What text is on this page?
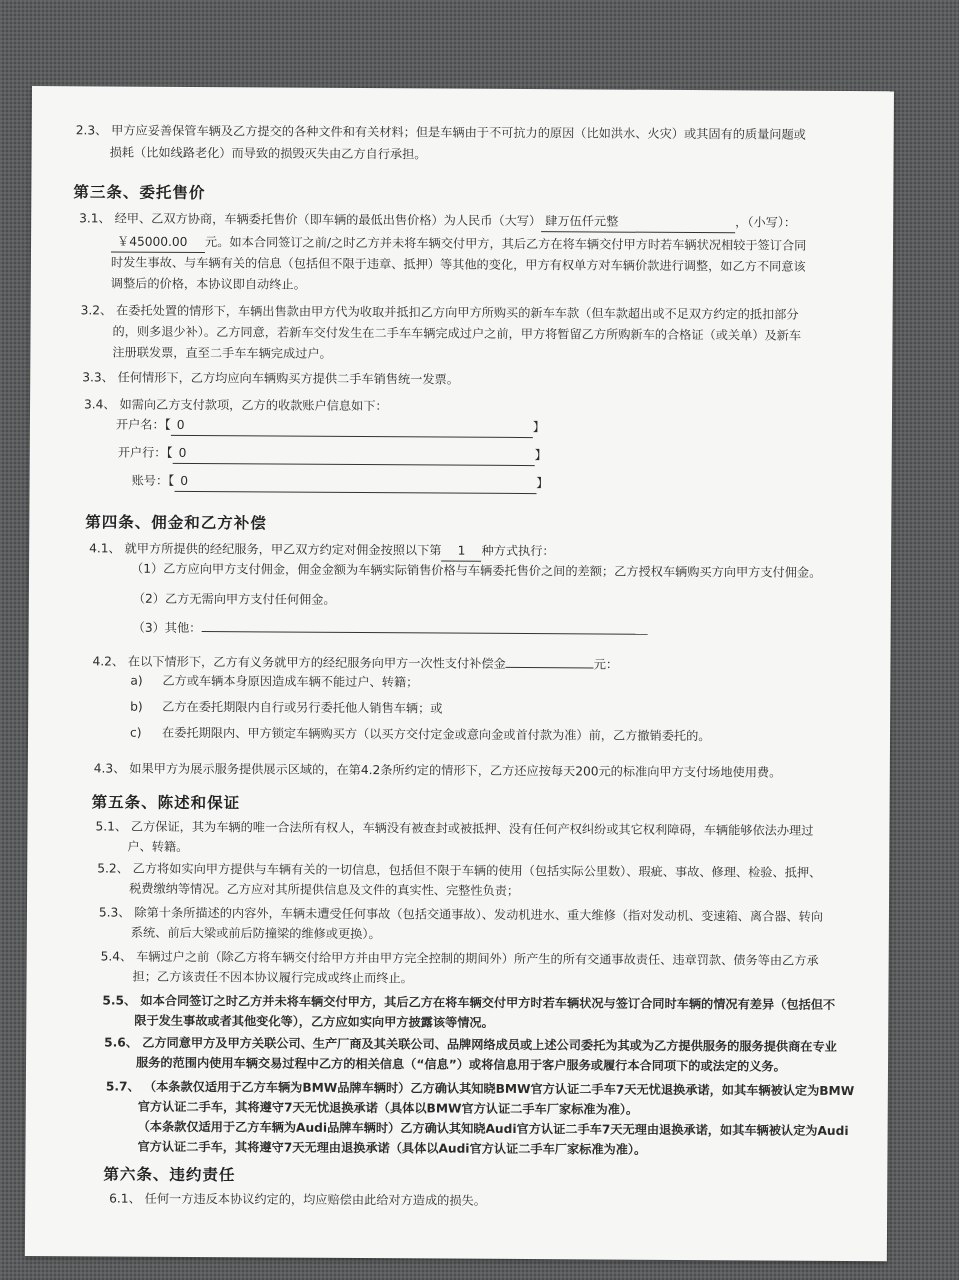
2.3、 甲方应妥善保管车辆及乙方提交的各种文件和有关材料；但是车辆由于不可抗力的原因（比如洪水、火灾）或其固有的质量问题或
损耗（比如线路老化）而导致的损毁灭失由乙方自行承担。
第三条、委托售价
3.1、 经甲、乙双方协商，车辆委托售价（即车辆的最低出售价格）为人民币（大写） 肆万伍仟元整	，（小写）：
￥45000.00 元。如本合同签订之前/之时乙方并未将车辆交付甲方，其后乙方在将车辆交付甲方时若车辆状况相较于签订合同
时发生事故、与车辆有关的信息（包括但不限于违章、抵押）等其他的变化，甲方有权单方对车辆价款进行调整，如乙方不同意该
调整后的价格，本协议即自动终止。
3.2、 在委托处置的情形下，车辆出售款由甲方代为收取并抵扣乙方向甲方所购买的新车车款（但车款超出或不足双方约定的抵扣部分
的，则多退少补）。乙方同意，若新车交付发生在二手车车辆完成过户之前，甲方将暂留乙方所购新车的合格证（或关单）及新车
注册联发票，直至二手车车辆完成过户。
3.3、 任何情形下，乙方均应向车辆购买方提供二手车销售统一发票。
3.4、 如需向乙方支付款项，乙方的收款账户信息如下：
开户名：【 0	】
开户行：【 0	】
账号：【 0	】
第四条、佣金和乙方补偿
4.1、 就甲方所提供的经纪服务，甲乙双方约定对佣金按照以下第 1 种方式执行：
（1）乙方应向甲方支付佣金，佣金金额为车辆实际销售价格与车辆委托售价之间的差额；乙方授权车辆购买方向甲方支付佣金。
（2）乙方无需向甲方支付任何佣金。
（3）其他：
4.2、 在以下情形下，乙方有义务就甲方的经纪服务向甲方一次性支付补偿金	元：
a) 乙方或车辆本身原因造成车辆不能过户、转籍；
b) 乙方在委托期限内自行或另行委托他人销售车辆；或
c) 在委托期限内、甲方锁定车辆购买方（以买方交付定金或意向金或首付款为准）前，乙方撤销委托的。
4.3、 如果甲方为展示服务提供展示区域的，在第4.2条所约定的情形下，乙方还应按每天200元的标准向甲方支付场地使用费。
第五条、陈述和保证
5.1、 乙方保证，其为车辆的唯一合法所有权人，车辆没有被查封或被抵押、没有任何产权纠纷或其它权利障碍，车辆能够依法办理过
户、转籍。
5.2、 乙方将如实向甲方提供与车辆有关的一切信息，包括但不限于车辆的使用（包括实际公里数）、瑕疵、事故、修理、检验、抵押、
税费缴纳等情况。乙方应对其所提供信息及文件的真实性、完整性负责；
5.3、 除第十条所描述的内容外，车辆未遭受任何事故（包括交通事故）、发动机进水、重大维修（指对发动机、变速箱、离合器、转向
系统、前后大梁或前后防撞梁的维修或更换）。
5.4、 车辆过户之前（除乙方将车辆交付给甲方并由甲方完全控制的期间外）所产生的所有交通事故责任、违章罚款、债务等由乙方承
担；乙方该责任不因本协议履行完成或终止而终止。
5.5、 如本合同签订之时乙方并未将车辆交付甲方，其后乙方在将车辆交付甲方时若车辆状况与签订合同时车辆的情况有差异（包括但不
限于发生事故或者其他变化等），乙方应如实向甲方披露该等情况。
5.6、 乙方同意甲方及甲方关联公司、生产厂商及其关联公司、品牌网络成员或上述公司委托为其或为乙方提供服务的服务提供商在专业
服务的范围内使用车辆交易过程中乙方的相关信息（“信息”）或将信息用于客户服务或履行本合同项下的或法定的义务。
5.7、 （本条款仅适用于乙方车辆为BMW品牌车辆时）乙方确认其知晓BMW官方认证二手车7天无忧退换承诺，如其车辆被认定为BMW
官方认证二手车，其将遵守7天无忧退换承诺（具体以BMW官方认证二手车厂家标准为准）。
（本条款仅适用于乙方车辆为Audi品牌车辆时）乙方确认其知晓Audi官方认证二手车7天无理由退换承诺，如其车辆被认定为Audi
官方认证二手车，其将遵守7天无理由退换承诺（具体以Audi官方认证二手车厂家标准为准）。
第六条、违约责任
6.1、 任何一方违反本协议约定的，均应赔偿由此给对方造成的损失。
